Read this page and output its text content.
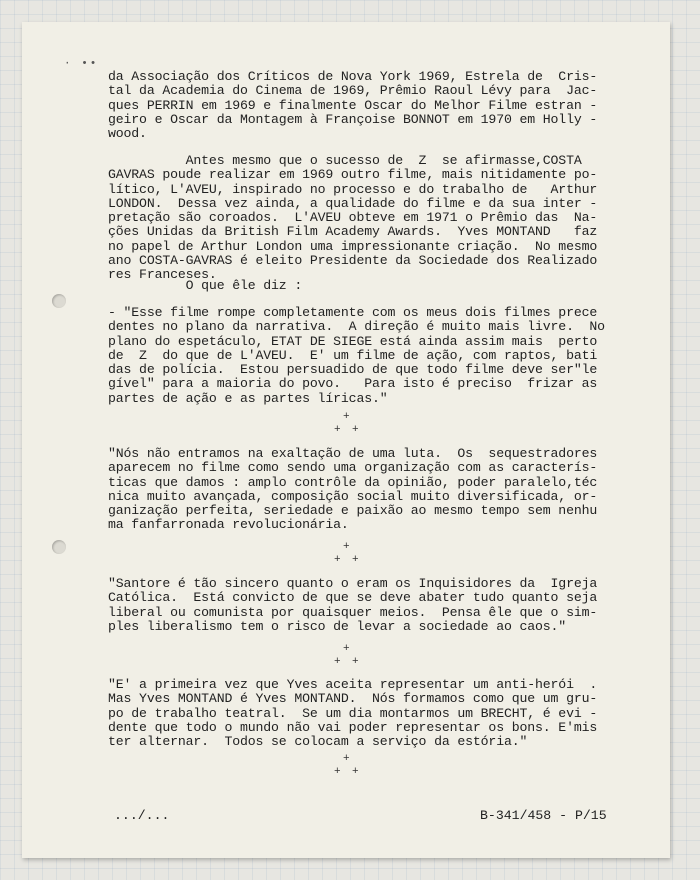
· ••
da Associação dos Críticos de Nova York 1969, Estrela de  Cris-
tal da Academia do Cinema de 1969, Prêmio Raoul Lévy para  Jac-
ques PERRIN em 1969 e finalmente Oscar do Melhor Filme estran -
geiro e Oscar da Montagem à Françoise BONNOT em 1970 em Holly -
wood.
Antes mesmo que o sucesso de  Z  se afirmasse,COSTA
GAVRAS poude realizar em 1969 outro filme, mais nitidamente po-
lítico, L'AVEU, inspirado no processo e do trabalho de   Arthur
LONDON.  Dessa vez ainda, a qualidade do filme e da sua inter -
pretação são coroados.  L'AVEU obteve em 1971 o Prêmio das  Na-
ções Unidas da British Film Academy Awards.  Yves MONTAND   faz
no papel de Arthur London uma impressionante criação.  No mesmo
ano COSTA-GAVRAS é eleito Presidente da Sociedade dos Realizado
res Franceses.
O que êle diz :
- "Esse filme rompe completamente com os meus dois filmes prece
dentes no plano da narrativa.  A direção é muito mais livre.  No
plano do espetáculo, ETAT DE SIEGE está ainda assim mais  perto
de  Z  do que de L'AVEU.  E' um filme de ação, com raptos, bati
das de polícia.  Estou persuadido de que todo filme deve ser"le
gível" para a maioria do povo.   Para isto é preciso  frizar as
partes de ação e as partes líricas."
+
+ +
"Nós não entramos na exaltação de uma luta.  Os  sequestradores
aparecem no filme como sendo uma organização com as caracterís-
ticas que damos : amplo contrôle da opinião, poder paralelo,téc
nica muito avançada, composição social muito diversificada, or-
ganização perfeita, seriedade e paixão ao mesmo tempo sem nenhu
ma fanfarronada revolucionária.
+
+ +
"Santore é tão sincero quanto o eram os Inquisidores da  Igreja
Católica.  Está convicto de que se deve abater tudo quanto seja
liberal ou comunista por quaisquer meios.  Pensa êle que o sim-
ples liberalismo tem o risco de levar a sociedade ao caos."
+
+ +
"E' a primeira vez que Yves aceita representar um anti-herói  .
Mas Yves MONTAND é Yves MONTAND.  Nós formamos como que um gru-
po de trabalho teatral.  Se um dia montarmos um BRECHT, é evi -
dente que todo o mundo não vai poder representar os bons. E'mis
ter alternar.  Todos se colocam a serviço da estória."
+
+ +
.../...	B-341/458 - P/15
